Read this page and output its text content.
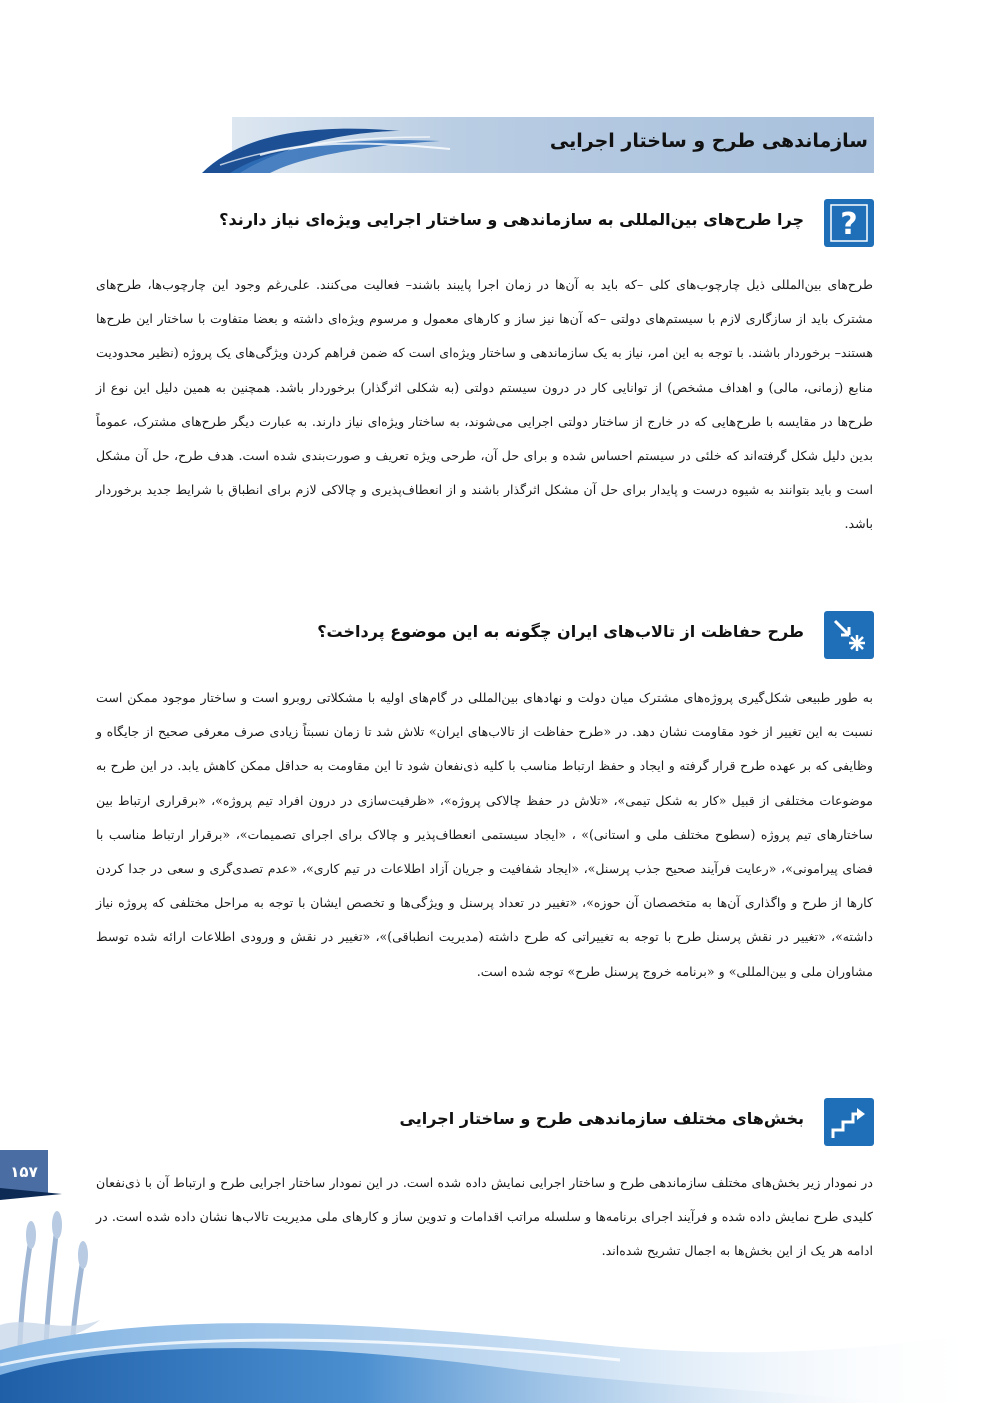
سازماندهی طرح و ساختار اجرایی
?
چرا طرح‌های بین‌المللی به سازماندهی و ساختار اجرایی ویژه‌ای نیاز دارند؟
طرح‌های بین‌المللی ذیل چارچوب‌های کلی –که باید به آن‌ها در زمان اجرا پایبند باشند– فعالیت می‌کنند. علی‌رغم وجود این چارچوب‌ها، طرح‌های مشترک باید از سازگاری لازم با سیستم‌های دولتی –که آن‌ها نیز ساز و کارهای معمول و مرسوم ویژه‌ای داشته و بعضا متفاوت با ساختار این طرح‌ها هستند– برخوردار باشند. با توجه به این امر، نیاز به یک سازماندهی و ساختار ویژه‌ای است که ضمن فراهم کردن ویژگی‌های یک پروژه (نظیر محدودیت منابع (زمانی، مالی) و اهداف مشخص) از توانایی کار در درون سیستم دولتی (به شکلی اثرگذار) برخوردار باشد. همچنین به همین دلیل این نوع از طرح‌ها در مقایسه با طرح‌هایی که در خارج از ساختار دولتی اجرایی می‌شوند، به ساختار ویژه‌ای نیاز دارند. به عبارت دیگر طرح‌های مشترک، عموماً بدین دلیل شکل گرفته‌اند که خلئی در سیستم احساس شده و برای حل آن، طرحی ویژه تعریف و صورت‌بندی شده است. هدف طرح، حل آن مشکل است و باید بتوانند به شیوه درست و پایدار برای حل آن مشکل اثرگذار باشند و از انعطاف‌پذیری و چالاکی لازم برای انطباق با شرایط جدید برخوردار باشد.
طرح حفاظت از تالاب‌های ایران چگونه به این موضوع پرداخت؟
به طور طبیعی شکل‌گیری پروژه‌های مشترک میان دولت و نهادهای بین‌المللی در گام‌های اولیه با مشکلاتی روبرو است و ساختار موجود ممکن است نسبت به این تغییر از خود مقاومت نشان دهد. در «طرح حفاظت از تالاب‌های ایران» تلاش شد تا زمان نسبتاً زیادی صرف معرفی صحیح از جایگاه و وظایفی که بر عهده طرح قرار گرفته و ایجاد و حفظ ارتباط مناسب با کلیه ذی‌نفعان شود تا این مقاومت به حداقل ممکن کاهش یابد. در این طرح به موضوعات مختلفی از قبیل «کار به شکل تیمی»، «تلاش در حفظ چالاکی پروژه»، «ظرفیت‌سازی در درون افراد تیم پروژه»، «برقراری ارتباط بین ساختارهای تیم پروژه (سطوح مختلف ملی و استانی)» ، «ایجاد سیستمی انعطاف‌پذیر و چالاک برای اجرای تصمیمات»، «برقرار ارتباط مناسب با فضای پیرامونی»، «رعایت فرآیند صحیح جذب پرسنل»، «ایجاد شفافیت و جریان آزاد اطلاعات در تیم کاری»، «عدم تصدی‌گری و سعی در جدا کردن کارها از طرح و واگذاری آن‌ها به متخصصان آن حوزه»، «تغییر در تعداد پرسنل و ویژگی‌ها و تخصص ایشان با توجه به مراحل مختلفی که پروژه نیاز داشته»، «تغییر در نقش پرسنل طرح با توجه به تغییراتی که طرح داشته (مدیریت انطباقی)»، «تغییر در نقش و ورودی اطلاعات ارائه شده توسط مشاوران ملی و بین‌المللی» و «برنامه خروج پرسنل طرح» توجه شده است.
بخش‌های مختلف سازماندهی طرح و ساختار اجرایی
در نمودار زیر بخش‌های مختلف سازماندهی طرح و ساختار اجرایی نمایش داده شده است. در این نمودار ساختار اجرایی طرح و ارتباط آن با ذی‌نفعان کلیدی طرح نمایش داده شده و فرآیند اجرای برنامه‌ها و سلسله مراتب اقدامات و تدوین ساز و کارهای ملی مدیریت تالاب‌ها نشان داده شده است. در ادامه هر یک از این بخش‌ها به اجمال تشریح شده‌اند.
۱۵۷
